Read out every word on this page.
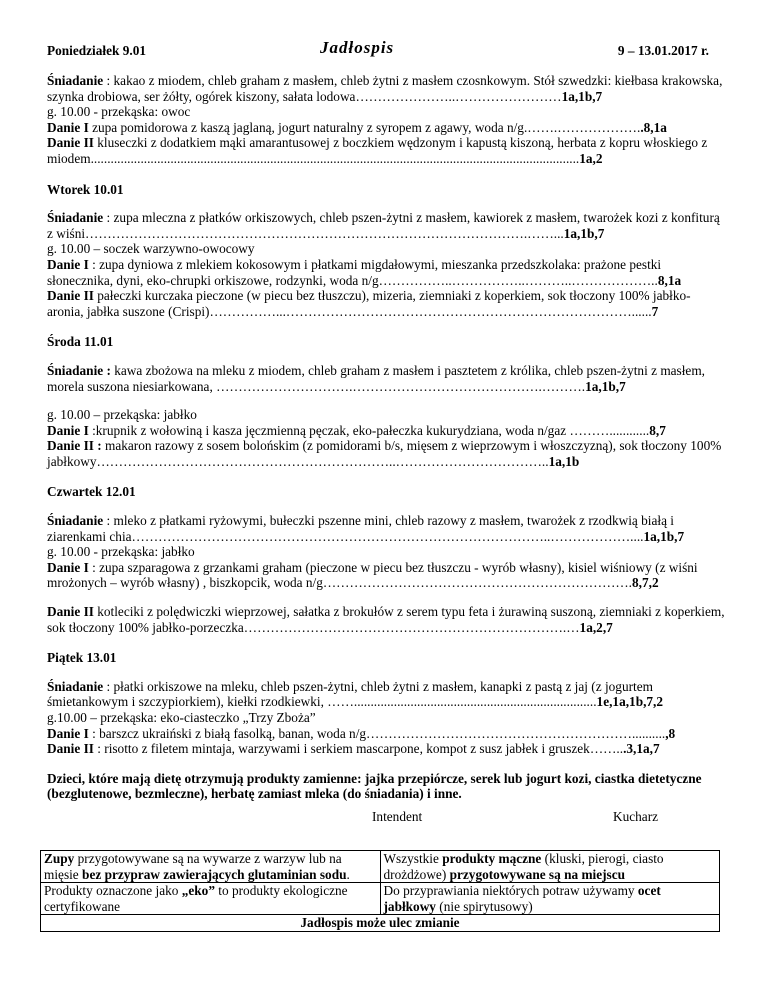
Poniedziałek 9.01	Jadłospis	9 – 13.01.2017 r.

Śniadanie : kakao z miodem, chleb graham z masłem, chleb żytni z masłem czosnkowym. Stół szwedzki: kiełbasa krakowska, szynka drobiowa, ser żółty, ogórek kiszony, sałata lodowa…………………..……………………1a,1b,7

g. 10.00 - przekąska: owoc

Danie I zupa pomidorowa z kaszą jaglaną, jogurt naturalny z syropem z agawy, woda n/g.…….………………..8,1a

Danie II kluseczki z dodatkiem mąki amarantusowej z boczkiem wędzonym i kapustą kiszoną, herbata z kopru włoskiego z miodem...................................................................................................................................................1a,2

Wtorek 10.01

Śniadanie : zupa mleczna z płatków orkiszowych, chleb pszen-żytni z masłem, kawiorek z masłem, twarożek kozi z konfiturą z wiśni……………………………………………………………………………………….……...1a,1b,7

g. 10.00 – soczek warzywno-owocowy

Danie I : zupa dyniowa z mlekiem kokosowym i płatkami migdałowymi, mieszanka przedszkolaka: prażone pestki słonecznika, dyni, eko-chrupki orkiszowe, rodzynki, woda n/g……………..……………..………..………………..8,1a

Danie II pałeczki kurczaka pieczone (w piecu bez tłuszczu), mizeria, ziemniaki z koperkiem, sok tłoczony 100% jabłko-aronia, jabłka suszone (Crispi)……………...……………………………………………………………………......7

Środa 11.01

Śniadanie : kawa zbożowa na mleku z miodem, chleb graham z masłem i pasztetem z królika, chleb pszen-żytni z masłem, morela suszona niesiarkowana, ………………………….…………………………………….……….1a,1b,7

g. 10.00 – przekąska: jabłko

Danie I :krupnik z wołowiną i kasza jęczmienną pęczak, eko-pałeczka kukurydziana, woda n/gaz ………............8,7

Danie II : makaron razowy z sosem bolońskim (z pomidorami b/s, mięsem z wieprzowym i włoszczyzną), sok tłoczony 100% jabłkowy…………………………………………………………..……………………………..1a,1b

Czwartek 12.01

Śniadanie : mleko z płatkami ryżowymi, bułeczki pszenne mini, chleb razowy z masłem, twarożek z rzodkwią białą i ziarenkami chia…………………………………………………………………………………..………………....1a,1b,7

g. 10.00 - przekąska: jabłko

Danie I : zupa szparagowa z grzankami graham (pieczone w piecu bez tłuszczu - wyrób własny), kisiel wiśniowy (z wiśni mrożonych – wyrób własny) , biszkopcik, woda n/g…………………………………………………………….8,7,2

Danie II kotleciki z polędwiczki wieprzowej, sałatka z brokułów z serem typu feta i żurawiną suszoną, ziemniaki z koperkiem, sok tłoczony 100% jabłko-porzeczka……………………………………………………………….…1a,2,7

Piątek 13.01

Śniadanie : płatki orkiszowe na mleku, chleb pszen-żytni, chleb żytni z masłem, kanapki z pastą z jaj (z jogurtem śmietankowym i szczypiorkiem), kiełki rzodkiewki, …….........................................................................1e,1a,1b,7,2

g.10.00 – przekąska: eko-ciasteczko „Trzy Zboża”

Danie I : barszcz ukraiński z białą fasolką, banan, woda n/g……………………………………………………..........,8

Danie II : risotto z filetem mintaja, warzywami i serkiem mascarpone, kompot z susz jabłek i gruszek……...3,1a,7

Dzieci, które mają dietę otrzymują produkty zamienne: jajka przepiórcze, serek lub jogurt kozi, ciastka dietetyczne (bezglutenowe, bezmleczne), herbatę zamiast mleka (do śniadania) i inne.

Intendent	Kucharz
Zupy przygotowywane są na wywarze z warzyw lub na mięsie bez przypraw zawierających glutaminian sodu.	Wszystkie produkty mączne (kluski, pierogi, ciasto drożdżowe) przygotowywane są na miejscu
Produkty oznaczone jako „eko” to produkty ekologiczne certyfikowane	Do przyprawiania niektórych potraw używamy ocet jabłkowy (nie spirytusowy)
Jadłospis może ulec zmianie	
